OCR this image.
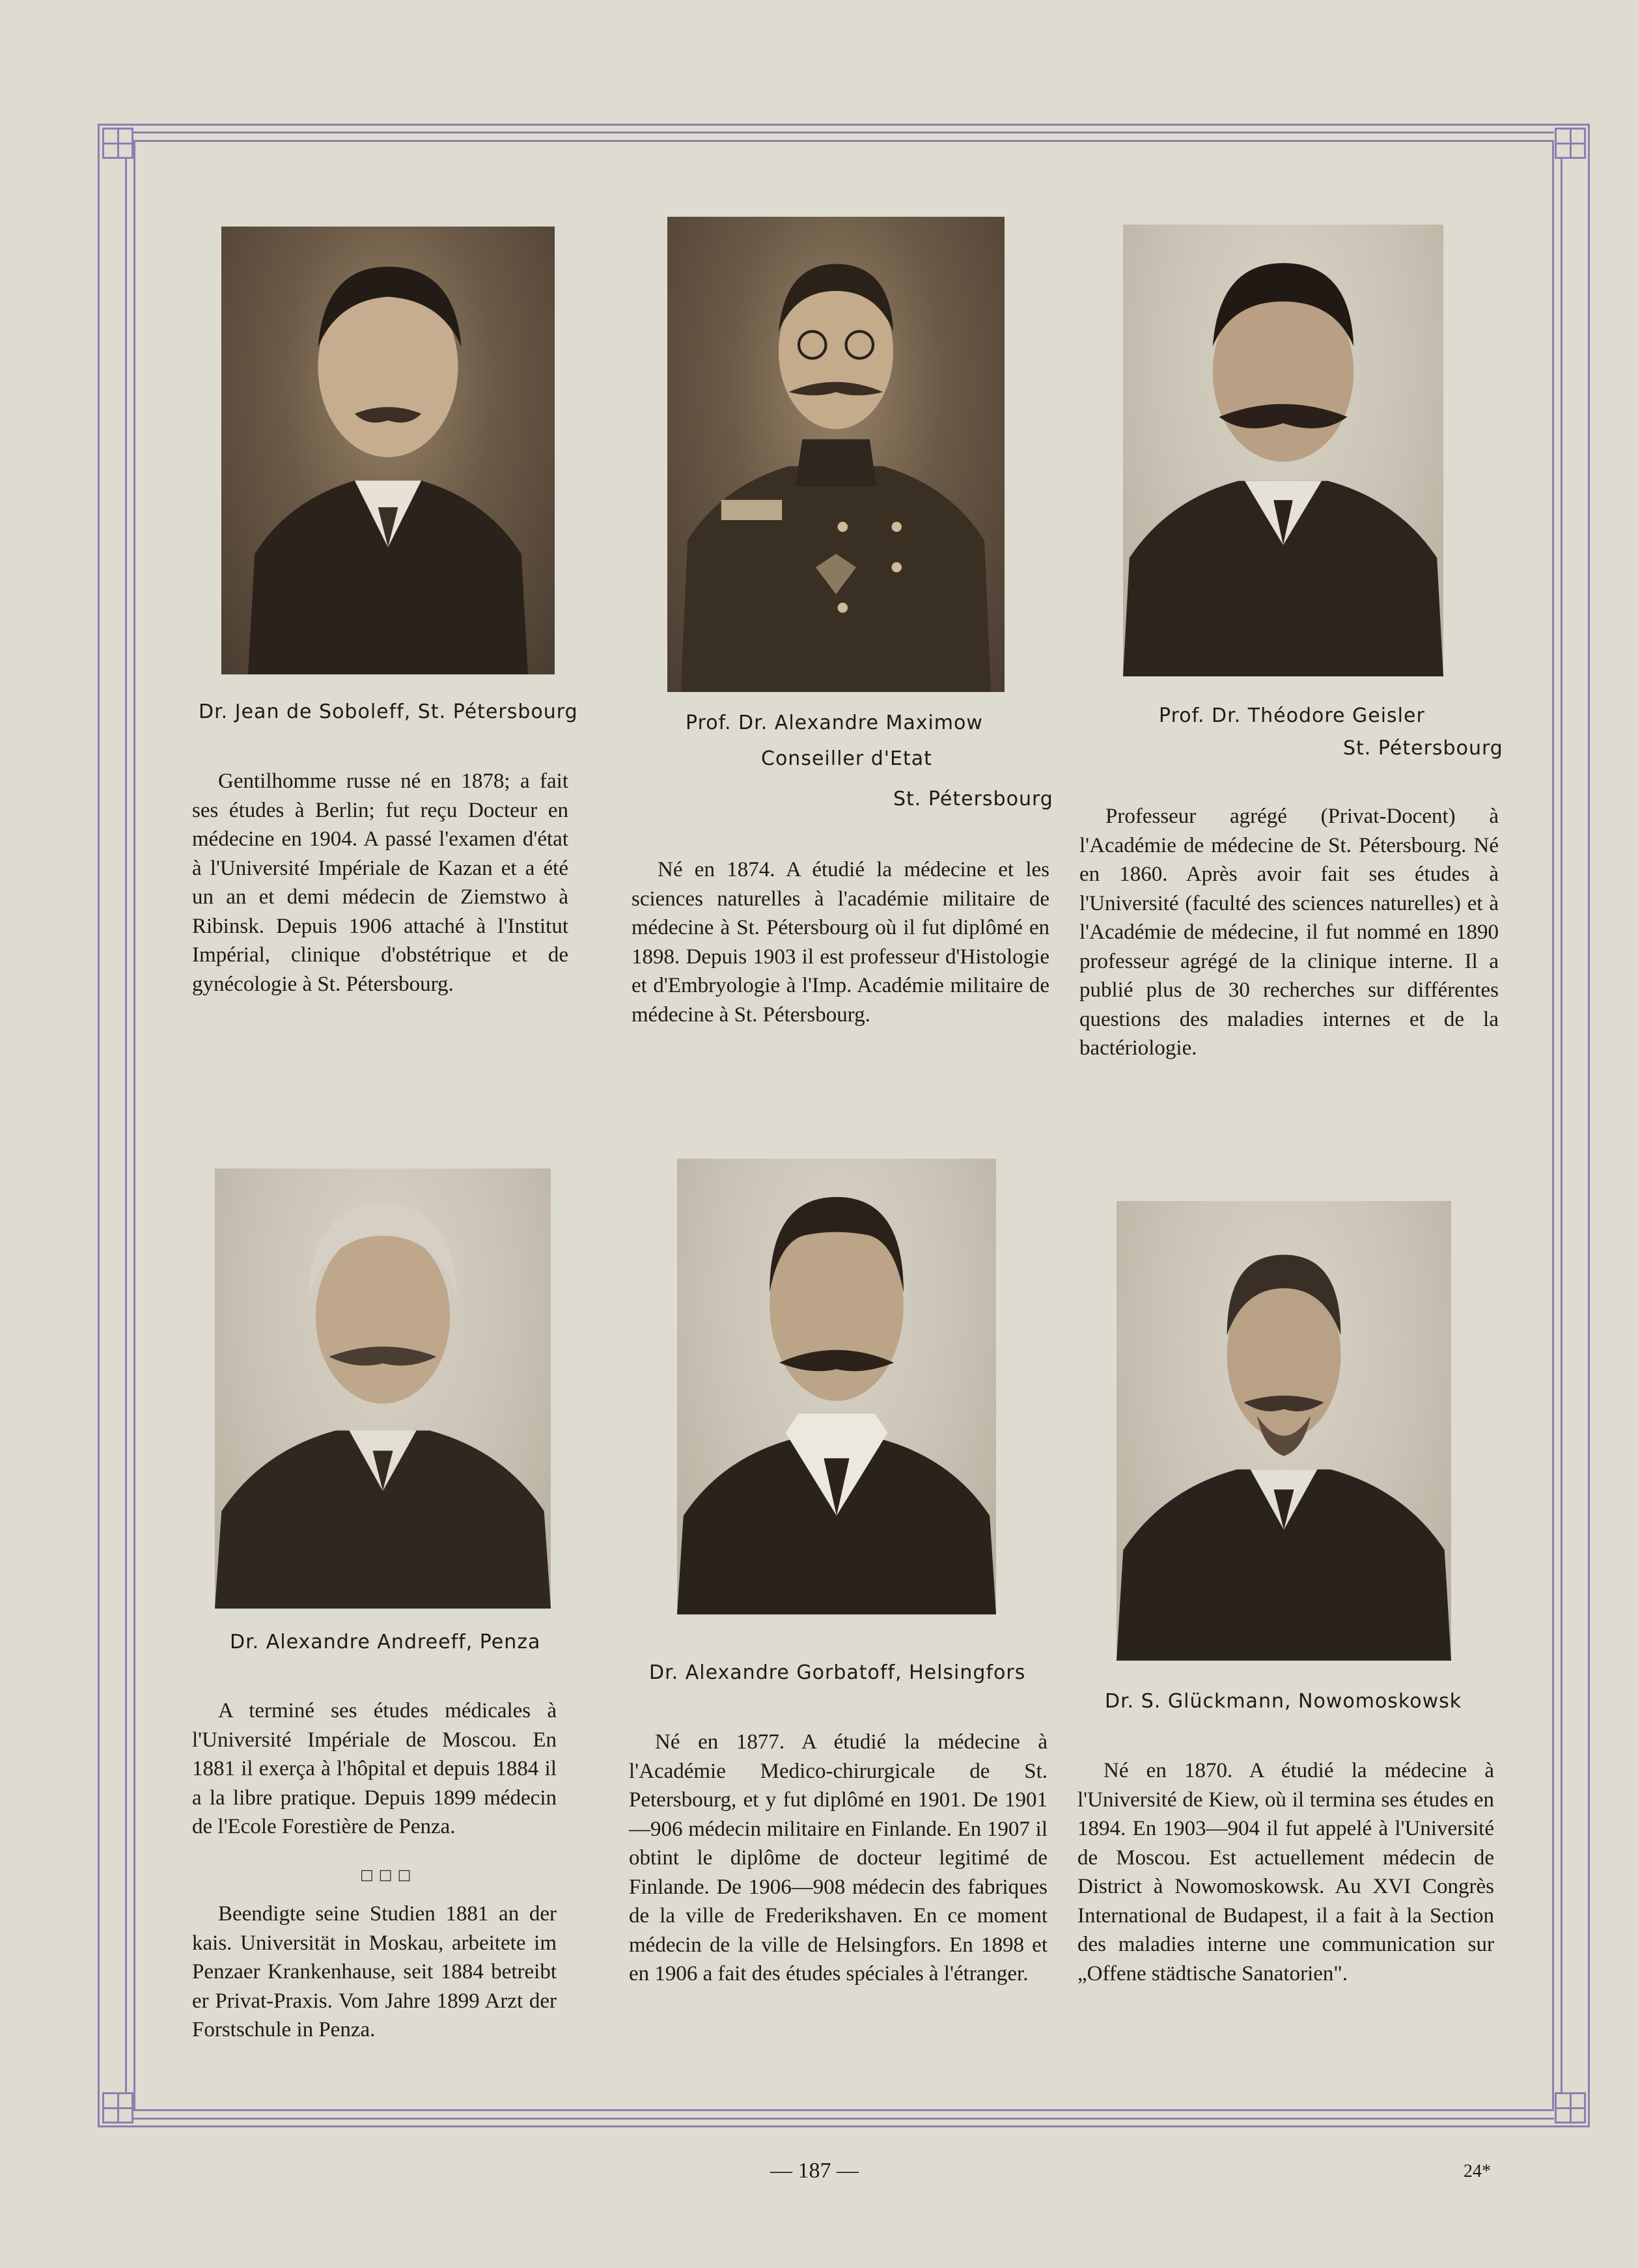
Dr. Jean de Soboleff, St. Pétersbourg

Gentilhomme russe né en 1878; a fait ses études à Berlin; fut reçu Docteur en médecine en 1904. A passé l'examen d'état à l'Université Impériale de Kazan et a été un an et demi médecin de Ziemstwo à Ribinsk. Depuis 1906 attaché à l'Institut Impérial, clinique d'obstétrique et de gynécologie à St. Pétersbourg.

Prof. Dr. Alexandre Maximow
Conseiller d'Etat
St. Pétersbourg

Né en 1874. A étudié la médecine et les sciences naturelles à l'académie militaire de médecine à St. Pétersbourg où il fut diplômé en 1898. Depuis 1903 il est professeur d'Histologie et d'Embryologie à l'Imp. Académie militaire de médecine à St. Pétersbourg.

Prof. Dr. Théodore Geisler
St. Pétersbourg

Professeur agrégé (Privat-Docent) à l'Académie de médecine de St. Pétersbourg. Né en 1860. Après avoir fait ses études à l'Université (faculté des sciences naturelles) et à l'Académie de médecine, il fut nommé en 1890 professeur agrégé de la clinique interne. Il a publié plus de 30 recherches sur différentes questions des maladies internes et de la bactériologie.

Dr. Alexandre Andreeff, Penza

A terminé ses études médicales à l'Université Impériale de Moscou. En 1881 il exerça à l'hôpital et depuis 1884 il a la libre pratique. Depuis 1899 médecin de l'Ecole Forestière de Penza.

□□□

Beendigte seine Studien 1881 an der kais. Universität in Moskau, arbeitete im Penzaer Krankenhause, seit 1884 betreibt er Privat-Praxis. Vom Jahre 1899 Arzt der Forstschule in Penza.

Dr. Alexandre Gorbatoff, Helsingfors

Né en 1877. A étudié la médecine à l'Académie Medico-chirurgicale de St. Petersbourg, et y fut diplômé en 1901. De 1901—906 médecin militaire en Finlande. En 1907 il obtint le diplôme de docteur legitimé de Finlande. De 1906—908 médecin des fabriques de la ville de Frederikshaven. En ce moment médecin de la ville de Helsingfors. En 1898 et en 1906 a fait des études spéciales à l'étranger.

Dr. S. Glückmann, Nowomoskowsk

Né en 1870. A étudié la médecine à l'Université de Kiew, où il termina ses études en 1894. En 1903—904 il fut appelé à l'Université de Moscou. Est actuellement médecin de District à Nowomoskowsk. Au XVI Congrès International de Budapest, il a fait à la Section des maladies interne une communication sur „Offene städtische Sanatorien".

— 187 —	24*
